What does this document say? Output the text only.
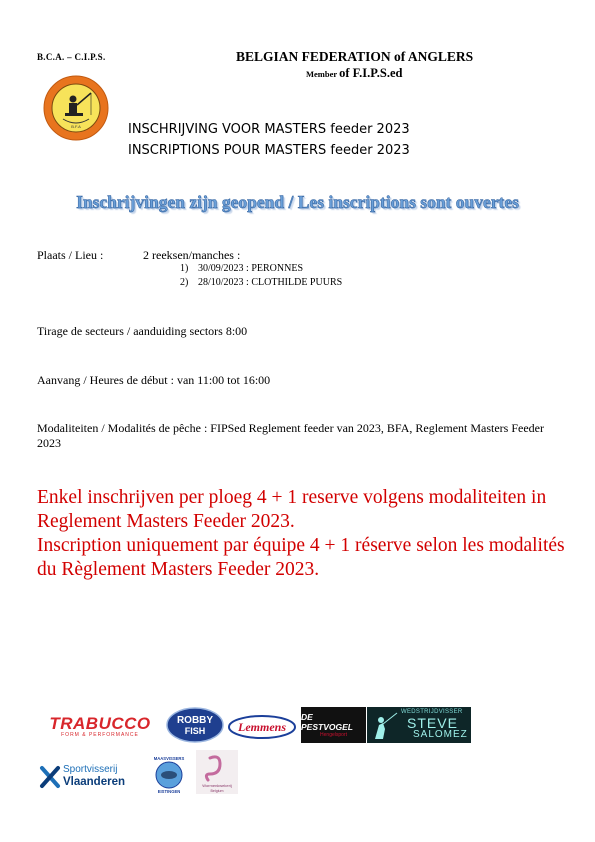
B.C.A. – C.I.P.S.	BELGIAN FEDERATION of ANGLERS
Member of F.I.P.S.ed
B.F.A	INSCHRIJVING VOOR MASTERS feeder 2023
INSCRIPTIONS POUR MASTERS feeder 2023
Inschrijvingen zijn geopend / Les inscriptions sont ouvertes
Plaats / Lieu :	2 reeksen/manches :
1) 30/09/2023 : PERONNES
2) 28/10/2023 : CLOTHILDE PUURS
Tirage de secteurs / aanduiding sectors 8:00
Aanvang / Heures de début : van 11:00 tot 16:00
Modaliteiten / Modalités de pêche : FIPSed Reglement feeder van 2023, BFA, Reglement Masters Feeder 2023
Enkel inschrijven per ploeg 4 + 1 reserve volgens modaliteiten in Reglement Masters Feeder 2023.
Inscription uniquement par équipe 4 + 1 réserve selon les modalités du Règlement Masters Feeder 2023.
TRABUCCO
FORM & PERFORMANCE
ROBBY
FISH	Lemmens
DE PESTVOGEL
Hengelsport
WEDSTRIJDVISSER
STEVE
SALOMEZ
Sportvisserij
Vlaanderen
MAASVISSERS
EISTINGEN
Wormenkwekerij
Belgium
